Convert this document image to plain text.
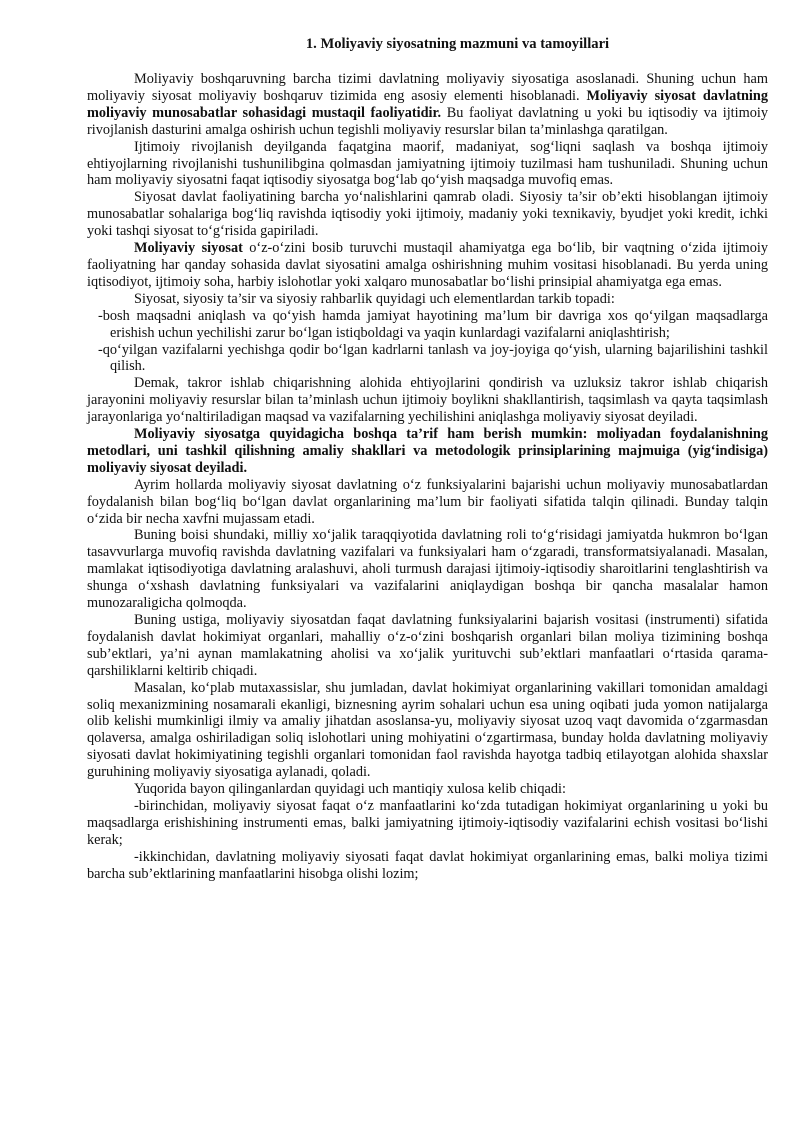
1. Moliyaviy siyosatning mazmuni va tamoyillari

Moliyaviy boshqaruvning barcha tizimi davlatning moliyaviy siyosatiga asoslanadi. Shuning uchun ham moliyaviy siyosat moliyaviy boshqaruv tizimida eng asosiy elementi hisoblanadi. Moliyaviy siyosat davlatning moliyaviy munosabatlar sohasidagi mustaqil faoliyatidir. Bu faoliyat davlatning u yoki bu iqtisodiy va ijtimoiy rivojlanish dasturini amalga oshirish uchun tegishli moliyaviy resurslar bilan ta’minlashga qaratilgan.

Ijtimoiy rivojlanish deyilganda faqatgina maorif, madaniyat, sog‘liqni saqlash va boshqa ijtimoiy ehtiyojlarning rivojlanishi tushunilibgina qolmasdan jamiyatning ijtimoiy tuzilmasi ham tushuniladi. Shuning uchun ham moliyaviy siyosatni faqat iqtisodiy siyosatga bog‘lab qo‘yish maqsadga muvofiq emas.

Siyosat davlat faoliyatining barcha yo‘nalishlarini qamrab oladi. Siyosiy ta’sir ob’ekti hisoblangan ijtimoiy munosabatlar sohalariga bog‘liq ravishda iqtisodiy yoki ijtimoiy, madaniy yoki texnikaviy, byudjet yoki kredit, ichki yoki tashqi siyosat to‘g‘risida gapiriladi.

Moliyaviy siyosat o‘z-o‘zini bosib turuvchi mustaqil ahamiyatga ega bo‘lib, bir vaqtning o‘zida ijtimoiy faoliyatning har qanday sohasida davlat siyosatini amalga oshirishning muhim vositasi hisoblanadi. Bu yerda uning iqtisodiyot, ijtimoiy soha, harbiy islohotlar yoki xalqaro munosabatlar bo‘lishi prinsipial ahamiyatga ega emas.

Siyosat, siyosiy ta’sir va siyosiy rahbarlik quyidagi uch elementlardan tarkib topadi:

-bosh maqsadni aniqlash va qo‘yish hamda jamiyat hayotining ma’lum bir davriga xos qo‘yilgan maqsadlarga erishish uchun yechilishi zarur bo‘lgan istiqboldagi va yaqin kunlardagi vazifalarni aniqlashtirish;

-qo‘yilgan vazifalarni yechishga qodir bo‘lgan kadrlarni tanlash va joy-joyiga qo‘yish, ularning bajarilishini tashkil qilish.

Demak, takror ishlab chiqarishning alohida ehtiyojlarini qondirish va uzluksiz takror ishlab chiqarish jarayonini moliyaviy resurslar bilan ta’minlash uchun ijtimoiy boylikni shakllantirish, taqsimlash va qayta taqsimlash jarayonlariga yo‘naltiriladigan maqsad va vazifalarning yechilishini aniqlashga moliyaviy siyosat deyiladi.

Moliyaviy siyosatga quyidagicha boshqa ta’rif ham berish mumkin: moliyadan foydalanishning metodlari, uni tashkil qilishning amaliy shakllari va metodologik prinsiplarining majmuiga (yig‘indisiga) moliyaviy siyosat deyiladi.

Ayrim hollarda moliyaviy siyosat davlatning o‘z funksiyalarini bajarishi uchun moliyaviy munosabatlardan foydalanish bilan bog‘liq bo‘lgan davlat organlarining ma’lum bir faoliyati sifatida talqin qilinadi. Bunday talqin o‘zida bir necha xavfni mujassam etadi.

Buning boisi shundaki, milliy xo‘jalik taraqqiyotida davlatning roli to‘g‘risidagi jamiyatda hukmron bo‘lgan tasavvurlarga muvofiq ravishda davlatning vazifalari va funksiyalari ham o‘zgaradi, transformatsiyalanadi. Masalan, mamlakat iqtisodiyotiga davlatning aralashuvi, aholi turmush darajasi ijtimoiy-iqtisodiy sharoitlarini tenglashtirish va shunga o‘xshash davlatning funksiyalari va vazifalarini aniqlaydigan boshqa bir qancha masalalar hamon munozaraligicha qolmoqda.

Buning ustiga, moliyaviy siyosatdan faqat davlatning funksiyalarini bajarish vositasi (instrumenti) sifatida foydalanish davlat hokimiyat organlari, mahalliy o‘z-o‘zini boshqarish organlari bilan moliya tizimining boshqa sub’ektlari, ya’ni aynan mamlakatning aholisi va xo‘jalik yurituvchi sub’ektlari manfaatlari o‘rtasida qarama-qarshiliklarni keltirib chiqadi.

Masalan, ko‘plab mutaxassislar, shu jumladan, davlat hokimiyat organlarining vakillari tomonidan amaldagi soliq mexanizmining nosamarali ekanligi, biznesning ayrim sohalari uchun esa uning oqibati juda yomon natijalarga olib kelishi mumkinligi ilmiy va amaliy jihatdan asoslansa-yu, moliyaviy siyosat uzoq vaqt davomida o‘zgarmasdan qolaversa, amalga oshiriladigan soliq islohotlari uning mohiyatini o‘zgartirmasa, bunday holda davlatning moliyaviy siyosati davlat hokimiyatining tegishli organlari tomonidan faol ravishda hayotga tadbiq etilayotgan alohida shaxslar guruhining moliyaviy siyosatiga aylanadi, qoladi.

Yuqorida bayon qilinganlardan quyidagi uch mantiqiy xulosa kelib chiqadi:

-birinchidan, moliyaviy siyosat faqat o‘z manfaatlarini ko‘zda tutadigan hokimiyat organlarining u yoki bu maqsadlarga erishishining instrumenti emas, balki jamiyatning ijtimoiy-iqtisodiy vazifalarini echish vositasi bo‘lishi kerak;

-ikkinchidan, davlatning moliyaviy siyosati faqat davlat hokimiyat organlarining emas, balki moliya tizimi barcha sub’ektlarining manfaatlarini hisobga olishi lozim;
